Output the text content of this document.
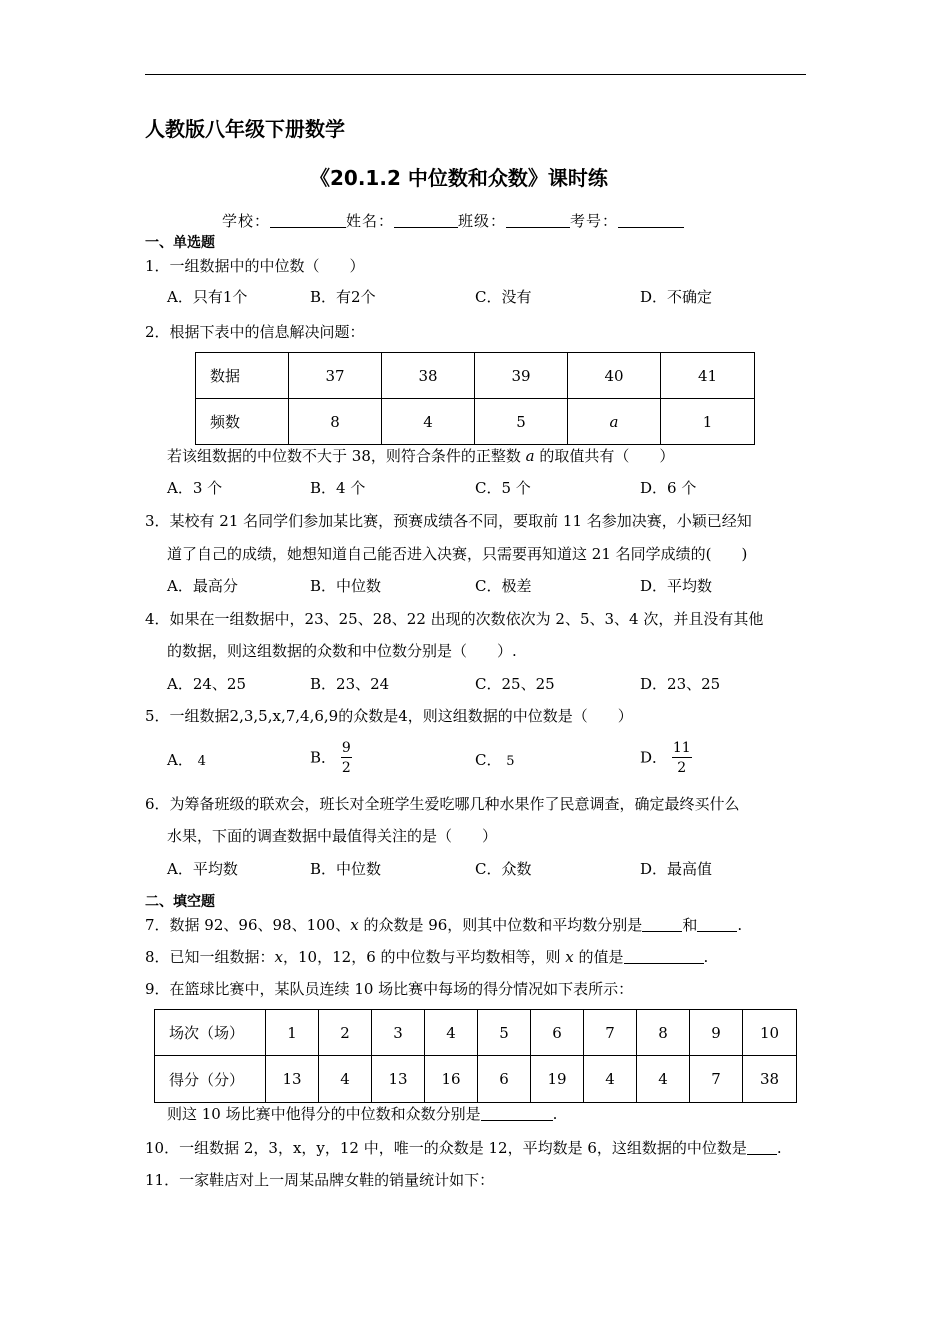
人教版八年级下册数学
《20.1.2 中位数和众数》课时练
学校：	姓名：	班级：	考号：
一、单选题
1．一组数据中的中位数（　　）
A．只有1个	B．有2个	C．没有	D．不确定
2．根据下表中的信息解决问题：
数据	37	38	39	40	41
频数	8	4	5	a	1
若该组数据的中位数不大于 38，则符合条件的正整数 a 的取值共有（　　）
A．3 个	B．4 个	C．5 个	D．6 个
3．某校有 21 名同学们参加某比赛，预赛成绩各不同，要取前 11 名参加决赛，小颖已经知
道了自己的成绩，她想知道自己能否进入决赛，只需要再知道这 21 名同学成绩的(　　)
A．最高分	B．中位数	C．极差	D．平均数
4．如果在一组数据中，23、25、28、22 出现的次数依次为 2、5、3、4 次，并且没有其他
的数据，则这组数据的众数和中位数分别是（　　）.
A．24、25	B．23、24	C．25、25	D．23、25
5．一组数据2,3,5,x,7,4,6,9的众数是4，则这组数据的中位数是（　　）
A． 4	B． $\frac{9}{2}$	C． 5	D． $\frac{11}{2}$
6．为筹备班级的联欢会，班长对全班学生爱吃哪几种水果作了民意调查，确定最终买什么
水果，下面的调查数据中最值得关注的是（　　）
A．平均数	B．中位数	C．众数	D．最高值
二、填空题
7．数据 92、96、98、100、x 的众数是 96，则其中位数和平均数分别是	和	.
8．已知一组数据：x，10，12，6 的中位数与平均数相等，则 x 的值是	.
9．在篮球比赛中，某队员连续 10 场比赛中每场的得分情况如下表所示：
场次（场）	1	2	3	4	5	6	7	8	9	10
得分（分）	13	4	13	16	6	19	4	4	7	38
则这 10 场比赛中他得分的中位数和众数分别是	.
10．一组数据 2，3，x，y，12 中，唯一的众数是 12，平均数是 6，这组数据的中位数是 .
11．一家鞋店对上一周某品牌女鞋的销量统计如下：
